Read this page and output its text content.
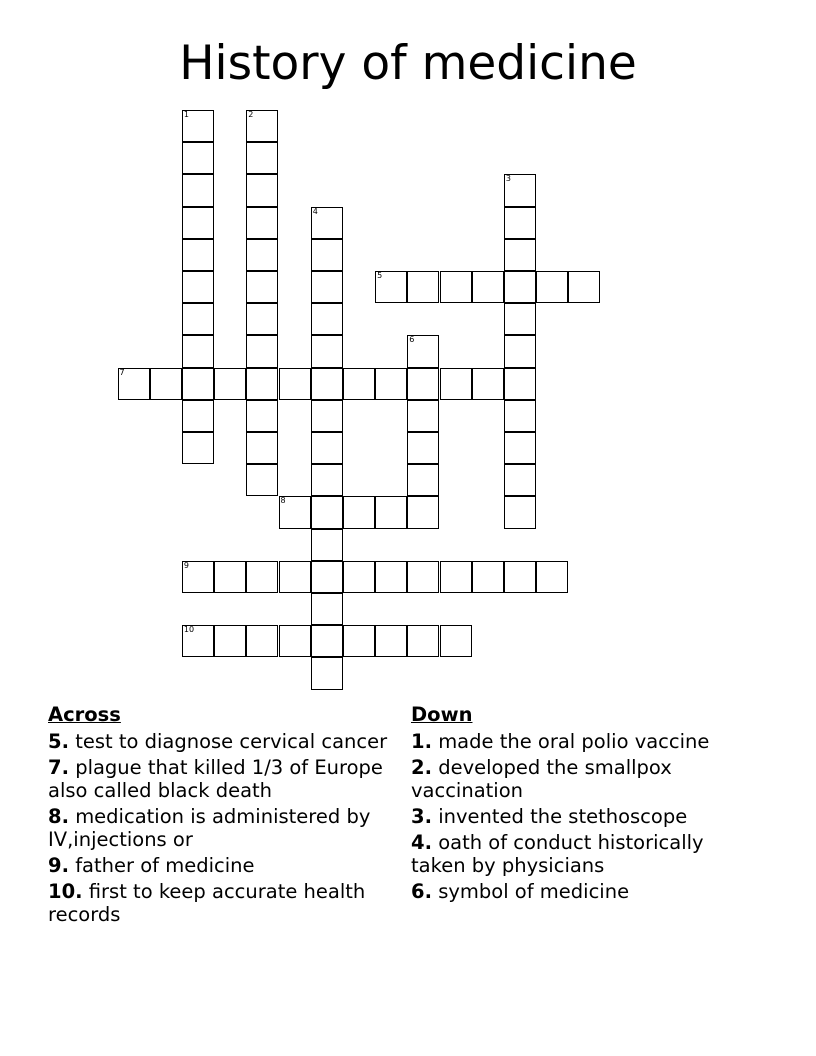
History of medicine
1	2
3
4
5
6
7
8
9
10
Across
5. test to diagnose cervical cancer
7. plague that killed 1/3 of Europe also called black death
8. medication is administered by IV,injections or
9. father of medicine
10. first to keep accurate health records
Down
1. made the oral polio vaccine
2. developed the smallpox vaccination
3. invented the stethoscope
4. oath of conduct historically taken by physicians
6. symbol of medicine
